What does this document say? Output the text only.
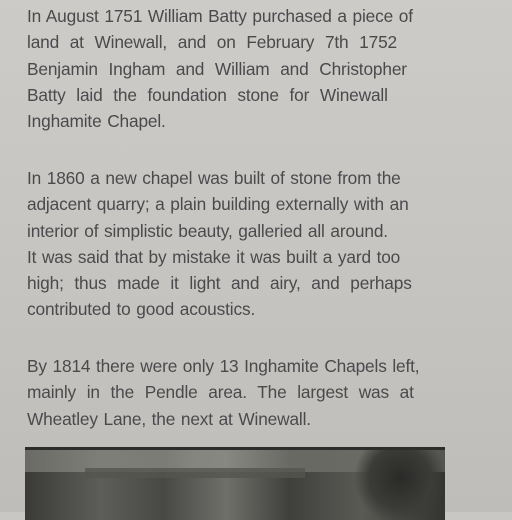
In August 1751 William Batty purchased a piece of
land at Winewall, and on February 7th 1752
Benjamin Ingham and William and Christopher
Batty laid the foundation stone for Winewall
Inghamite Chapel.
In 1860 a new chapel was built of stone from the
adjacent quarry; a plain building externally with an
interior of simplistic beauty, galleried all around.
It was said that by mistake it was built a yard too
high; thus made it light and airy, and perhaps
contributed to good acoustics.
By 1814 there were only 13 Inghamite Chapels left,
mainly in the Pendle area. The largest was at
Wheatley Lane, the next at Winewall.
